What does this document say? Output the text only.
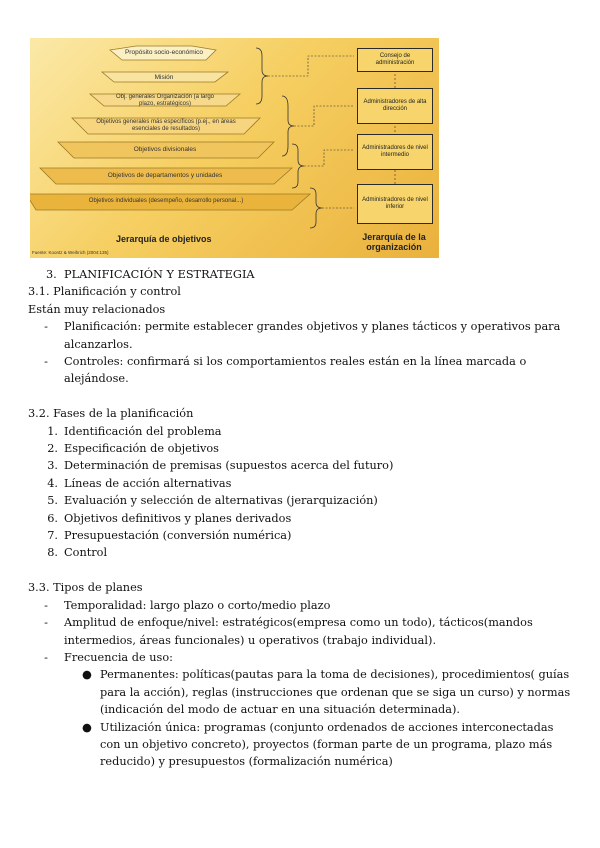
Propósito socio-económico
Misión
Obj. generales Organización (a largo plazo, estratégicos)
Objetivos generales más específicos (p.ej., en áreas esenciales de resultados)
Objetivos divisionales
Objetivos de departamentos y unidades
Objetivos individuales (desempeño, desarrollo personal...)
Consejo de administración
Administradores de alta dirección
Administradores de nivel intermedio
Administradores de nivel inferior
Jerarquía de objetivos	Jerarquía de la organización
Fuente: Koontz & Weihrich (2004:135)

3. PLANIFICACIÓN Y ESTRATEGIA

3.1. Planificación y control

Están muy relacionados

-	Planificación: permite establecer grandes objetivos y planes tácticos y operativos para alcanzarlos.
-	Controles: confirmará si los comportamientos reales están en la línea marcada o alejándose.

3.2. Fases de la planificación

1. Identificación del problema
2. Especificación de objetivos
3. Determinación de premisas (supuestos acerca del futuro)
4. Líneas de acción alternativas
5. Evaluación y selección de alternativas (jerarquización)
6. Objetivos definitivos y planes derivados
7. Presupuestación (conversión numérica)
8. Control

3.3. Tipos de planes

-	Temporalidad: largo plazo o corto/medio plazo
-	Amplitud de enfoque/nivel: estratégicos(empresa como un todo), tácticos(mandos intermedios, áreas funcionales) u operativos (trabajo individual).
-	Frecuencia de uso:
● Permanentes: políticas(pautas para la toma de decisiones), procedimientos( guías para la acción), reglas (instrucciones que ordenan que se siga un curso) y normas (indicación del modo de actuar en una situación determinada).
● Utilización única: programas (conjunto ordenados de acciones interconectadas con un objetivo concreto), proyectos (forman parte de un programa, plazo más reducido) y presupuestos (formalización numérica)
